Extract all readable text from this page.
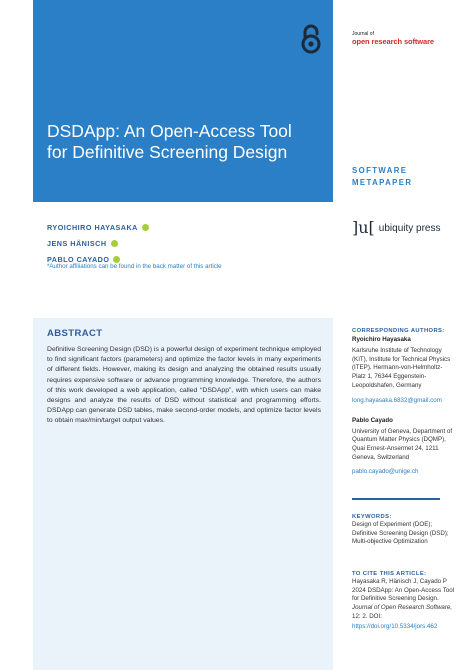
DSDApp: An Open-Access Tool for Definitive Screening Design
Journal of
open research software
SOFTWARE
METAPAPER
]u[ ubiquity press
RYOICHIRO HAYASAKA
JENS HÄNISCH
PABLO CAYADO
*Author affiliations can be found in the back matter of this article
ABSTRACT

Definitive Screening Design (DSD) is a powerful design of experiment technique employed to find significant factors (parameters) and optimize the factor levels in many experiments of different fields. However, making its design and analyzing the obtained results usually requires expensive software or advance programming knowledge. Therefore, the authors of this work developed a web application, called “DSDApp”, with which users can make designs and analyze the results of DSD without statistical and programming efforts. DSDApp can generate DSD tables, make second-order models, and optimize factor levels to obtain max/min/target output values.

CORRESPONDING AUTHORS:
Ryoichiro Hayasaka
Karlsruhe Institute of Technology (KIT), Institute for Technical Physics (ITEP), Hermann-von-Helmholtz-Platz 1, 76344 Eggenstein-Leopoldshafen, Germany
long.hayasaka.6832@gmail.com
Pablo Cayado
University of Geneva, Department of Quantum Matter Physics (DQMP), Quai Ernest-Ansermet 24, 1211 Geneva, Switzerland
pablo.cayado@unige.ch
KEYWORDS:
Design of Experiment (DOE); Definitive Screening Design (DSD); Multi-objective Optimization
TO CITE THIS ARTICLE:
Hayasaka R, Hänisch J, Cayado P 2024 DSDApp: An Open-Access Tool for Definitive Screening Design. Journal of Open Research Software, 12: 2. DOI: https://doi.org/10.5334/jors.462
